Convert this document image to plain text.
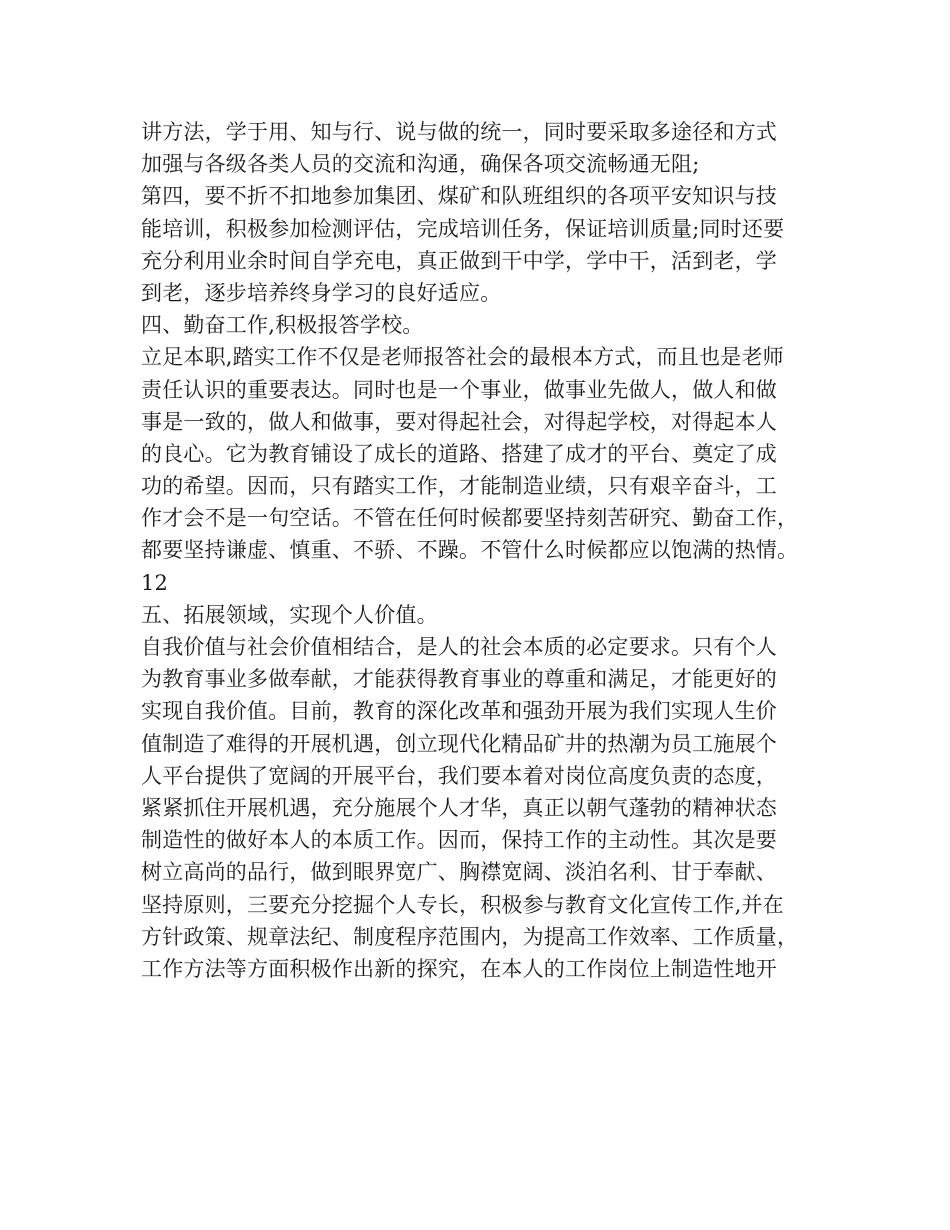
讲方法，学于用、知与行、说与做的统一，同时要采取多途径和方式
加强与各级各类人员的交流和沟通，确保各项交流畅通无阻;
第四，要不折不扣地参加集团、煤矿和队班组织的各项平安知识与技
能培训，积极参加检测评估，完成培训任务，保证培训质量;同时还要
充分利用业余时间自学充电，真正做到干中学，学中干，活到老，学
到老，逐步培养终身学习的良好适应。
四、勤奋工作,积极报答学校。
立足本职,踏实工作不仅是老师报答社会的最根本方式，而且也是老师
责任认识的重要表达。同时也是一个事业，做事业先做人，做人和做
事是一致的，做人和做事，要对得起社会，对得起学校，对得起本人
的良心。它为教育铺设了成长的道路、搭建了成才的平台、奠定了成
功的希望。因而，只有踏实工作，才能制造业绩，只有艰辛奋斗，工
作才会不是一句空话。不管在任何时候都要坚持刻苦研究、勤奋工作，
都要坚持谦虚、慎重、不骄、不躁。不管什么时候都应以饱满的热情。
12
五、拓展领域，实现个人价值。
自我价值与社会价值相结合，是人的社会本质的必定要求。只有个人
为教育事业多做奉献，才能获得教育事业的尊重和满足，才能更好的
实现自我价值。目前，教育的深化改革和强劲开展为我们实现人生价
值制造了难得的开展机遇，创立现代化精品矿井的热潮为员工施展个
人平台提供了宽阔的开展平台，我们要本着对岗位高度负责的态度，
紧紧抓住开展机遇，充分施展个人才华，真正以朝气蓬勃的精神状态
制造性的做好本人的本质工作。因而，保持工作的主动性。其次是要
树立高尚的品行，做到眼界宽广、胸襟宽阔、淡泊名利、甘于奉献、
坚持原则，三要充分挖掘个人专长，积极参与教育文化宣传工作,并在
方针政策、规章法纪、制度程序范围内，为提高工作效率、工作质量，
工作方法等方面积极作出新的探究，在本人的工作岗位上制造性地开
